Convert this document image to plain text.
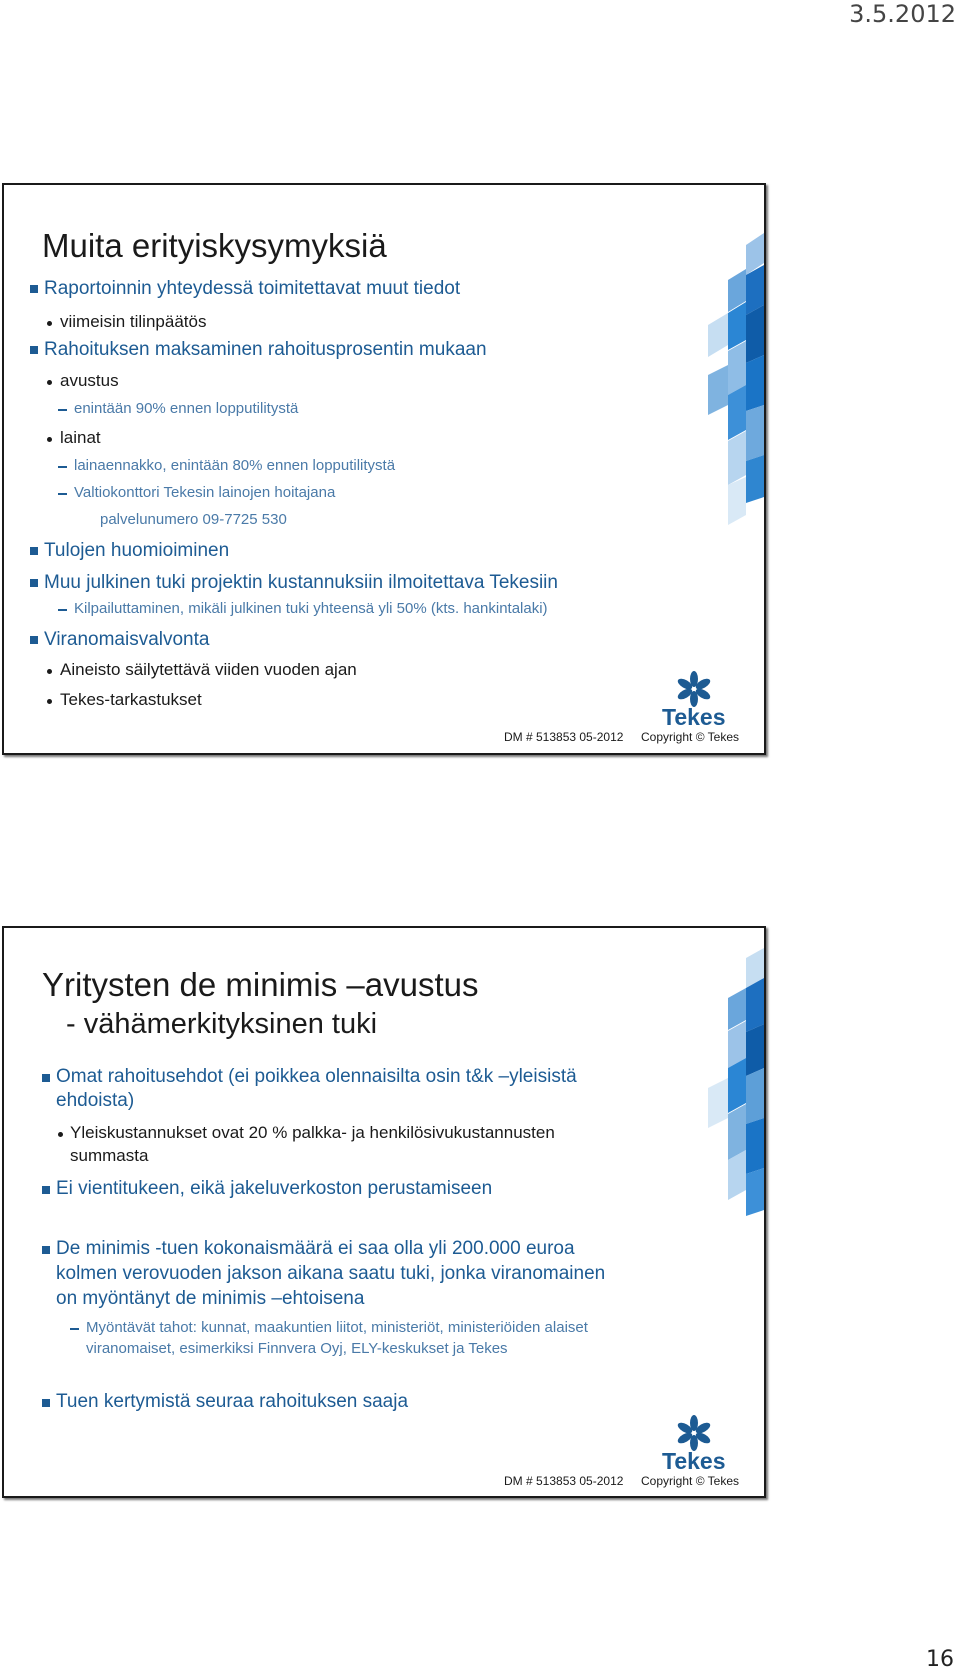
3.5.2012
Muita erityiskysymyksiä
Raportoinnin yhteydessä toimitettavat muut tiedot
viimeisin tilinpäätös
Rahoituksen maksaminen rahoitusprosentin mukaan
avustus
enintään 90% ennen lopputilitystä
lainat
lainaennakko, enintään 80% ennen lopputilitystä
Valtiokonttori Tekesin lainojen hoitajana
palvelunumero 09-7725 530
Tulojen huomioiminen
Muu julkinen tuki projektin kustannuksiin ilmoitettava Tekesiin
Kilpailuttaminen, mikäli julkinen tuki yhteensä yli 50% (kts. hankintalaki)
Viranomaisvalvonta
Aineisto säilytettävä viiden vuoden ajan
Tekes-tarkastukset
Tekes
DM # 513853 05-2012 Copyright © Tekes
Yritysten de minimis –avustus
- vähämerkityksinen tuki
Omat rahoitusehdot (ei poikkea olennaisilta osin t&k –yleisistä
ehdoista)
Yleiskustannukset ovat 20 % palkka- ja henkilösivukustannusten
summasta
Ei vientitukeen, eikä jakeluverkoston perustamiseen
De minimis -tuen kokonaismäärä ei saa olla yli 200.000 euroa
kolmen verovuoden jakson aikana saatu tuki, jonka viranomainen
on myöntänyt de minimis –ehtoisena
Myöntävät tahot: kunnat, maakuntien liitot, ministeriöt, ministeriöiden alaiset
viranomaiset, esimerkiksi Finnvera Oyj, ELY-keskukset ja Tekes
Tuen kertymistä seuraa rahoituksen saaja
Tekes
DM # 513853 05-2012 Copyright © Tekes
16
